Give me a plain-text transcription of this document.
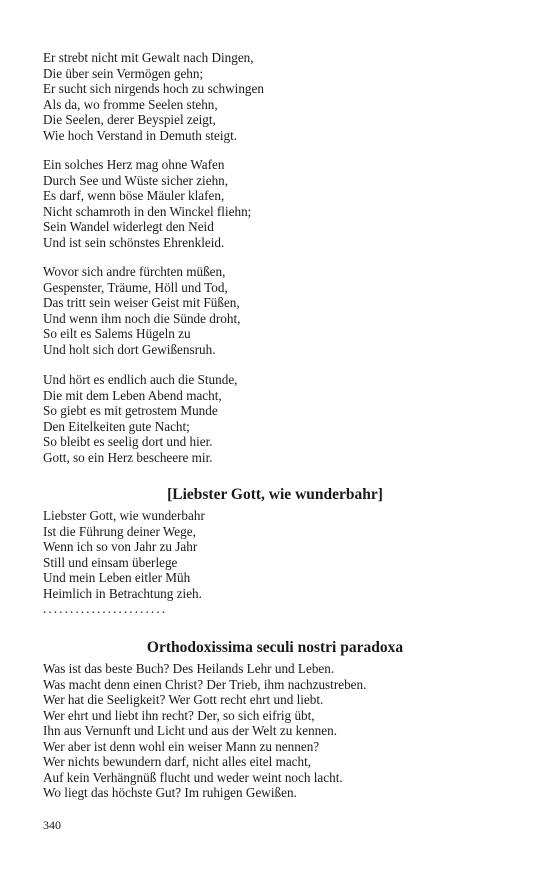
Er strebt nicht mit Gewalt nach Dingen,
Die über sein Vermögen gehn;
Er sucht sich nirgends hoch zu schwingen
Als da, wo fromme Seelen stehn,
Die Seelen, derer Beyspiel zeigt,
Wie hoch Verstand in Demuth steigt.
Ein solches Herz mag ohne Wafen
Durch See und Wüste sicher ziehn,
Es darf, wenn böse Mäuler klafen,
Nicht schamroth in den Winckel fliehn;
Sein Wandel widerlegt den Neid
Und ist sein schönstes Ehrenkleid.
Wovor sich andre fürchten müßen,
Gespenster, Träume, Höll und Tod,
Das tritt sein weiser Geist mit Füßen,
Und wenn ihm noch die Sünde droht,
So eilt es Salems Hügeln zu
Und holt sich dort Gewißensruh.
Und hört es endlich auch die Stunde,
Die mit dem Leben Abend macht,
So giebt es mit getrostem Munde
Den Eitelkeiten gute Nacht;
So bleibt es seelig dort und hier.
Gott, so ein Herz bescheere mir.
[Liebster Gott, wie wunderbahr]
Liebster Gott, wie wunderbahr
Ist die Führung deiner Wege,
Wenn ich so von Jahr zu Jahr
Still und einsam überlege
Und mein Leben eitler Müh
Heimlich in Betrachtung zieh.
.......................
Orthodoxissima seculi nostri paradoxa
Was ist das beste Buch? Des Heilands Lehr und Leben.
Was macht denn einen Christ? Der Trieb, ihm nachzustreben.
Wer hat die Seeligkeit? Wer Gott recht ehrt und liebt.
Wer ehrt und liebt ihn recht? Der, so sich eifrig übt,
Ihn aus Vernunft und Licht und aus der Welt zu kennen.
Wer aber ist denn wohl ein weiser Mann zu nennen?
Wer nichts bewundern darf, nicht alles eitel macht,
Auf kein Verhängnüß flucht und weder weint noch lacht.
Wo liegt das höchste Gut? Im ruhigen Gewißen.
340
